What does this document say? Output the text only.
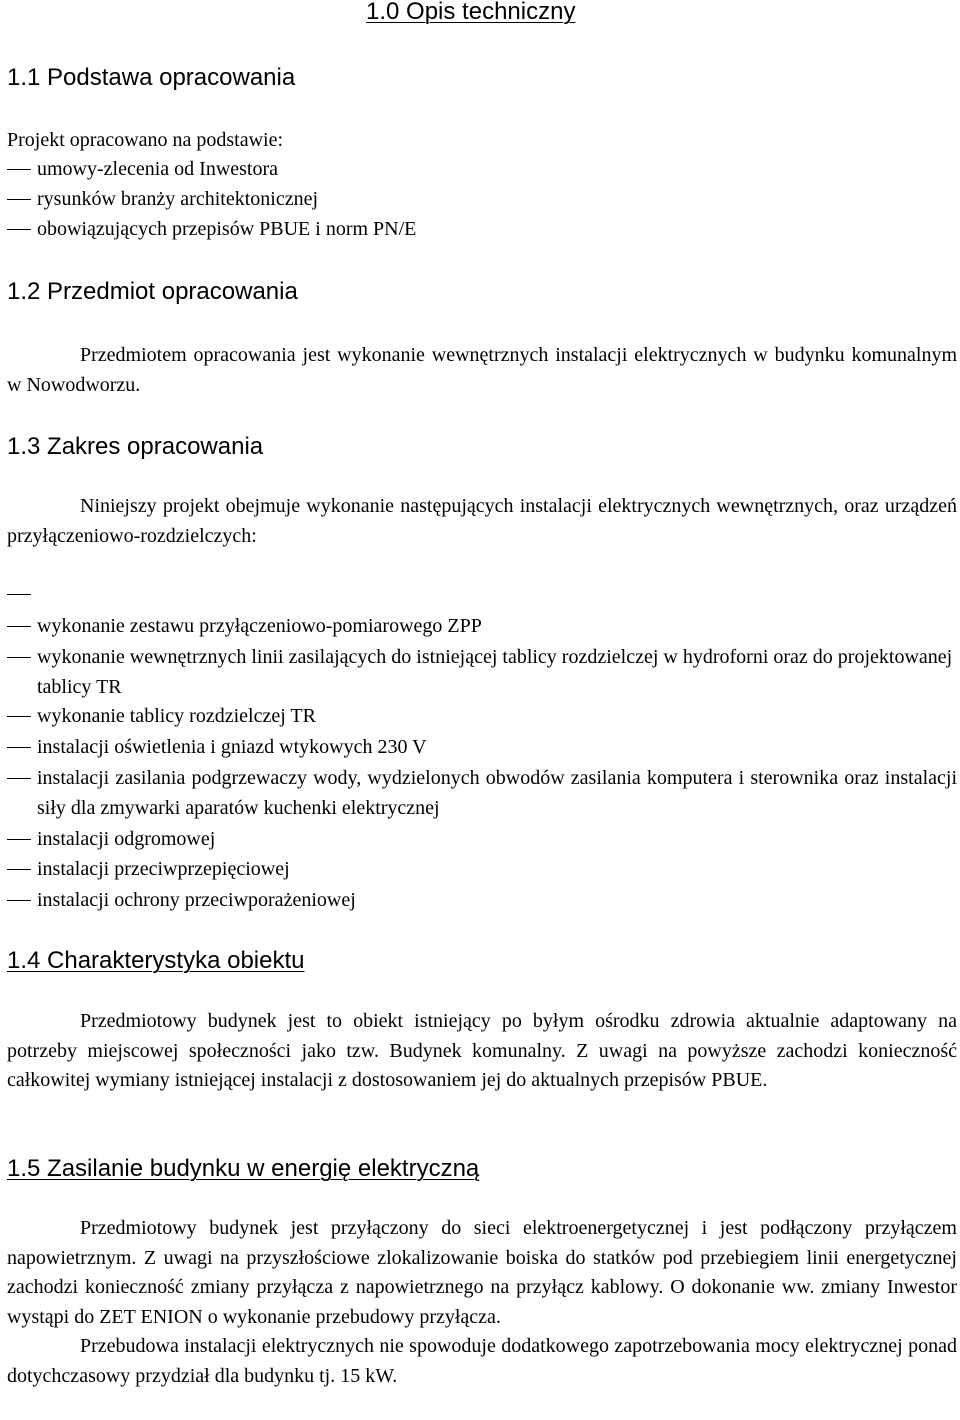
1.0 Opis techniczny
1.1 Podstawa opracowania
Projekt opracowano na podstawie:
umowy-zlecenia od Inwestora
rysunków branży architektonicznej
obowiązujących przepisów PBUE i norm PN/E
1.2 Przedmiot opracowania

Przedmiotem opracowania jest wykonanie wewnętrznych instalacji elektrycznych w budynku komunalnym w Nowodworzu.

1.3 Zakres opracowania

Niniejszy projekt obejmuje wykonanie następujących instalacji elektrycznych wewnętrznych, oraz urządzeń przyłączeniowo-rozdzielczych:

wykonanie zestawu przyłączeniowo-pomiarowego ZPP
wykonanie wewnętrznych linii zasilających do istniejącej tablicy rozdzielczej w hydroforni oraz do projektowanej tablicy TR
wykonanie tablicy rozdzielczej TR
instalacji oświetlenia i gniazd wtykowych 230 V
instalacji zasilania podgrzewaczy wody, wydzielonych obwodów zasilania komputera i sterownika oraz instalacji siły dla zmywarki aparatów kuchenki elektrycznej
instalacji odgromowej
instalacji przeciwprzepięciowej
instalacji ochrony przeciwporażeniowej
1.4 Charakterystyka obiektu

Przedmiotowy budynek jest to obiekt istniejący po byłym ośrodku zdrowia aktualnie adaptowany na potrzeby miejscowej społeczności jako tzw. Budynek komunalny. Z uwagi na powyższe zachodzi konieczność całkowitej wymiany istniejącej instalacji z dostosowaniem jej do aktualnych przepisów PBUE.

1.5 Zasilanie budynku w energię elektryczną

Przedmiotowy budynek jest przyłączony do sieci elektroenergetycznej i jest podłączony przyłączem napowietrznym. Z uwagi na przyszłościowe zlokalizowanie boiska do statków pod przebiegiem linii energetycznej zachodzi konieczność zmiany przyłącza z napowietrznego na przyłącz kablowy. O dokonanie ww. zmiany Inwestor wystąpi do ZET ENION o wykonanie przebudowy przyłącza.

Przebudowa instalacji elektrycznych nie spowoduje dodatkowego zapotrzebowania mocy elektrycznej ponad dotychczasowy przydział dla budynku tj. 15 kW.
